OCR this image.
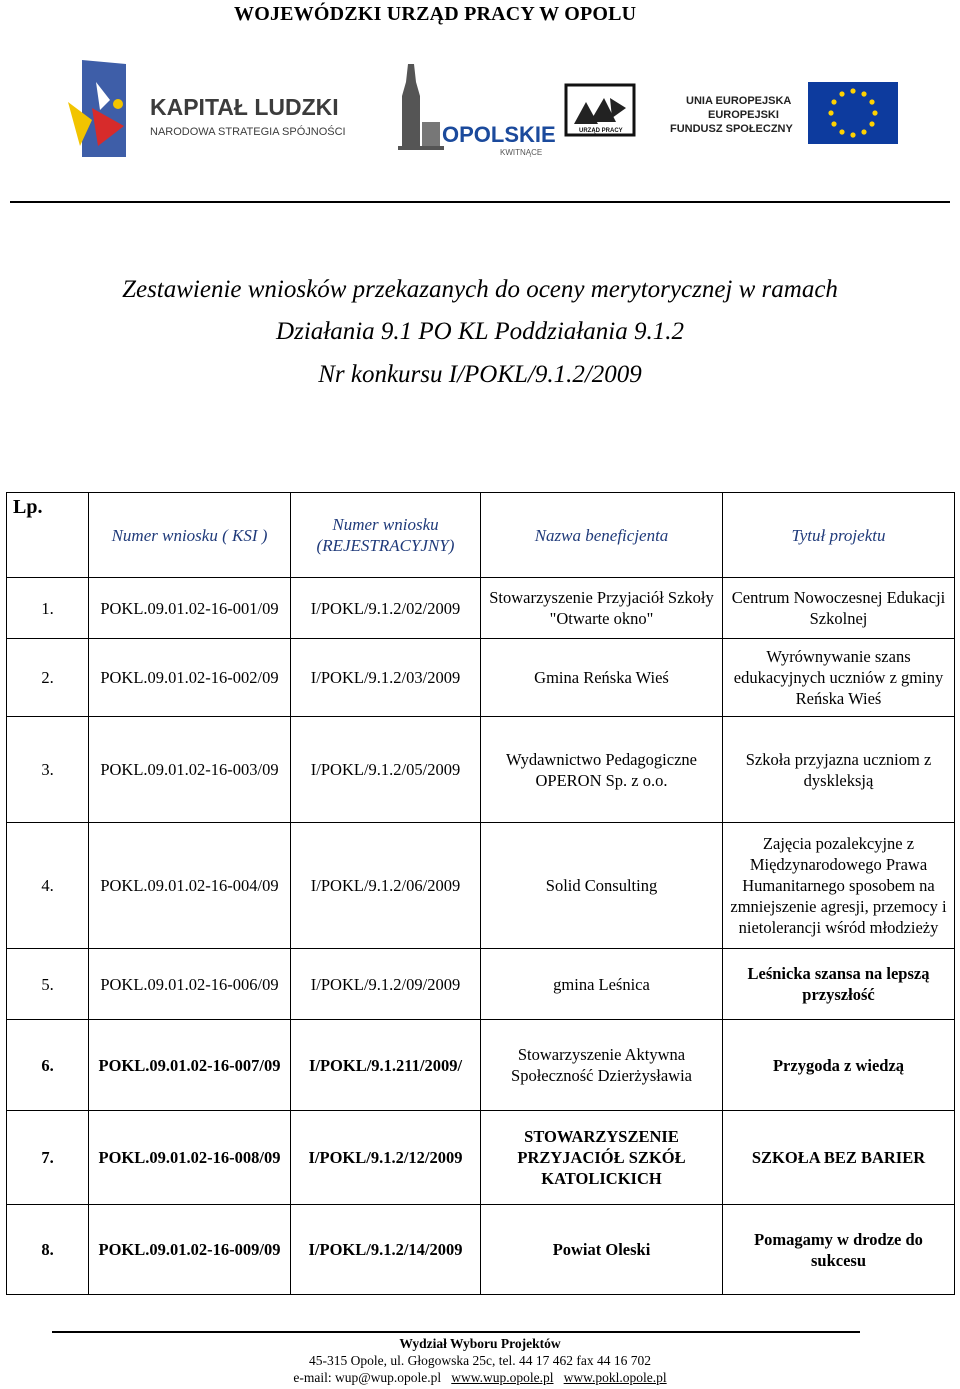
WOJEWÓDZKI URZĄD PRACY W OPOLU
KAPITAŁ LUDZKI
NARODOWA STRATEGIA SPÓJNOŚCI	OPOLSKIE
KWITNĄCE
URZĄD PRACY
UNIA EUROPEJSKA
EUROPEJSKI
FUNDUSZ SPOŁECZNY
Zestawienie wniosków przekazanych do oceny merytorycznej w ramach
Działania 9.1 PO KL Poddziałania 9.1.2
Nr konkursu I/POKL/9.1.2/2009
Lp.	Numer wniosku ( KSI )	Numer wniosku (REJESTRACYJNY)	Nazwa beneficjenta	Tytuł projektu
1.	POKL.09.01.02-16-001/09	I/POKL/9.1.2/02/2009	Stowarzyszenie Przyjaciół Szkoły "Otwarte okno"	Centrum Nowoczesnej Edukacji Szkolnej
2.	POKL.09.01.02-16-002/09	I/POKL/9.1.2/03/2009	Gmina Reńska Wieś	Wyrównywanie szans edukacyjnych uczniów z gminy Reńska Wieś
3.	POKL.09.01.02-16-003/09	I/POKL/9.1.2/05/2009	Wydawnictwo Pedagogiczne OPERON Sp. z o.o.	Szkoła przyjazna uczniom z dyskleksją
4.	POKL.09.01.02-16-004/09	I/POKL/9.1.2/06/2009	Solid Consulting	Zajęcia pozalekcyjne z Międzynarodowego Prawa Humanitarnego sposobem na zmniejszenie agresji, przemocy i nietolerancji wśród młodzieży
5.	POKL.09.01.02-16-006/09	I/POKL/9.1.2/09/2009	gmina Leśnica	Leśnicka szansa na lepszą przyszłość
6.	POKL.09.01.02-16-007/09	I/POKL/9.1.211/2009/	Stowarzyszenie Aktywna Społeczność Dzierżysławia	Przygoda z wiedzą
7.	POKL.09.01.02-16-008/09	I/POKL/9.1.2/12/2009	STOWARZYSZENIE PRZYJACIÓŁ SZKÓŁ KATOLICKICH	SZKOŁA BEZ BARIER
8.	POKL.09.01.02-16-009/09	I/POKL/9.1.2/14/2009	Powiat Oleski	Pomagamy w drodze do sukcesu
Wydział Wyboru Projektów
45-315 Opole, ul. Głogowska 25c, tel. 44 17 462 fax 44 16 702
e-mail: wup@wup.opole.pl www.wup.opole.pl www.pokl.opole.pl
